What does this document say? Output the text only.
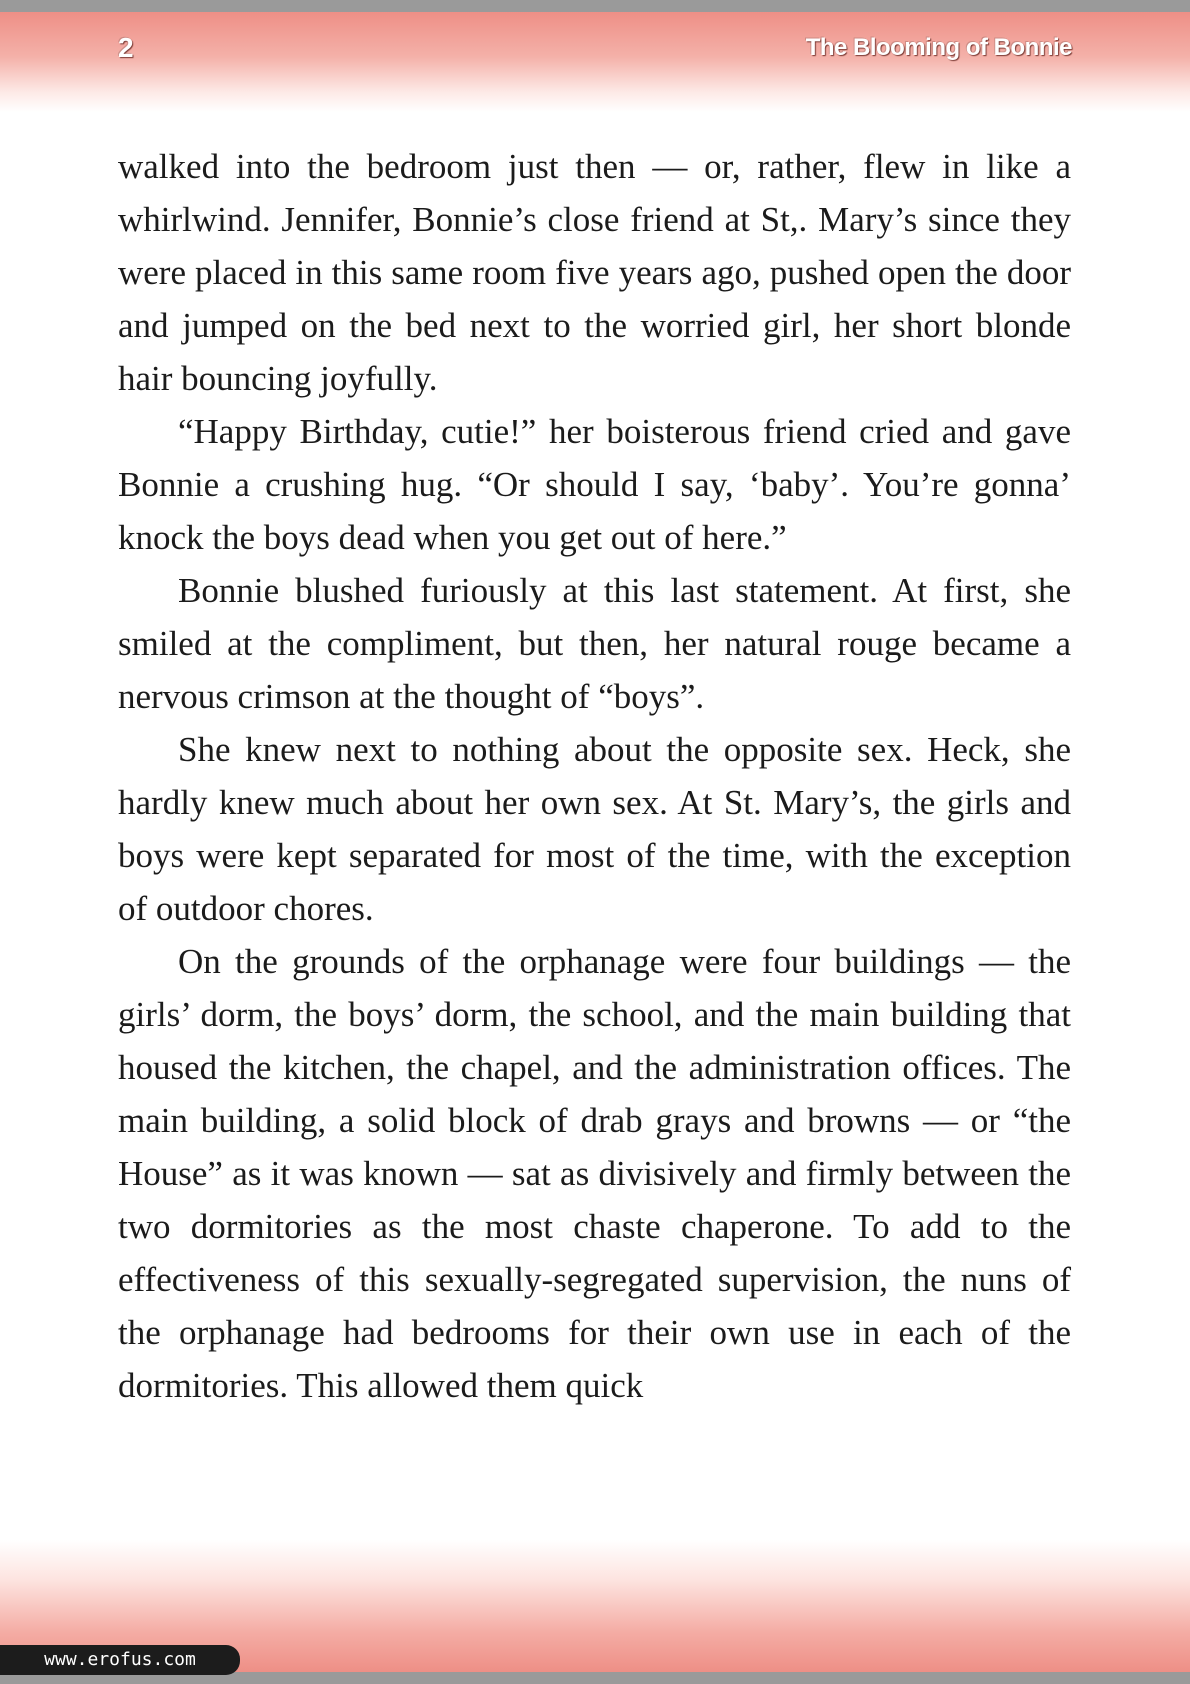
2	The Blooming of Bonnie

walked into the bedroom just then — or, rather, flew in like a whirlwind. Jennifer, Bonnie’s close friend at St,. Mary’s since they were placed in this same room five years ago, pushed open the door and jumped on the bed next to the worried girl, her short blonde hair bouncing joyfully.

“Happy Birthday, cutie!” her boisterous friend cried and gave Bonnie a crushing hug. “Or should I say, ‘baby’. You’re gonna’ knock the boys dead when you get out of here.”

Bonnie blushed furiously at this last statement. At first, she smiled at the compliment, but then, her natural rouge became a nervous crimson at the thought of “boys”.

She knew next to nothing about the opposite sex. Heck, she hardly knew much about her own sex. At St. Mary’s, the girls and boys were kept separated for most of the time, with the exception of outdoor chores.

On the grounds of the orphanage were four buildings — the girls’ dorm, the boys’ dorm, the school, and the main building that housed the kitchen, the chapel, and the administration offices. The main building, a solid block of drab grays and browns — or “the House” as it was known — sat as divisively and firmly between the two dormitories as the most chaste chaperone. To add to the effectiveness of this sexually-segregated supervision, the nuns of the orphanage had bedrooms for their own use in each of the dormitories. This allowed them quick

www.erofus.com
